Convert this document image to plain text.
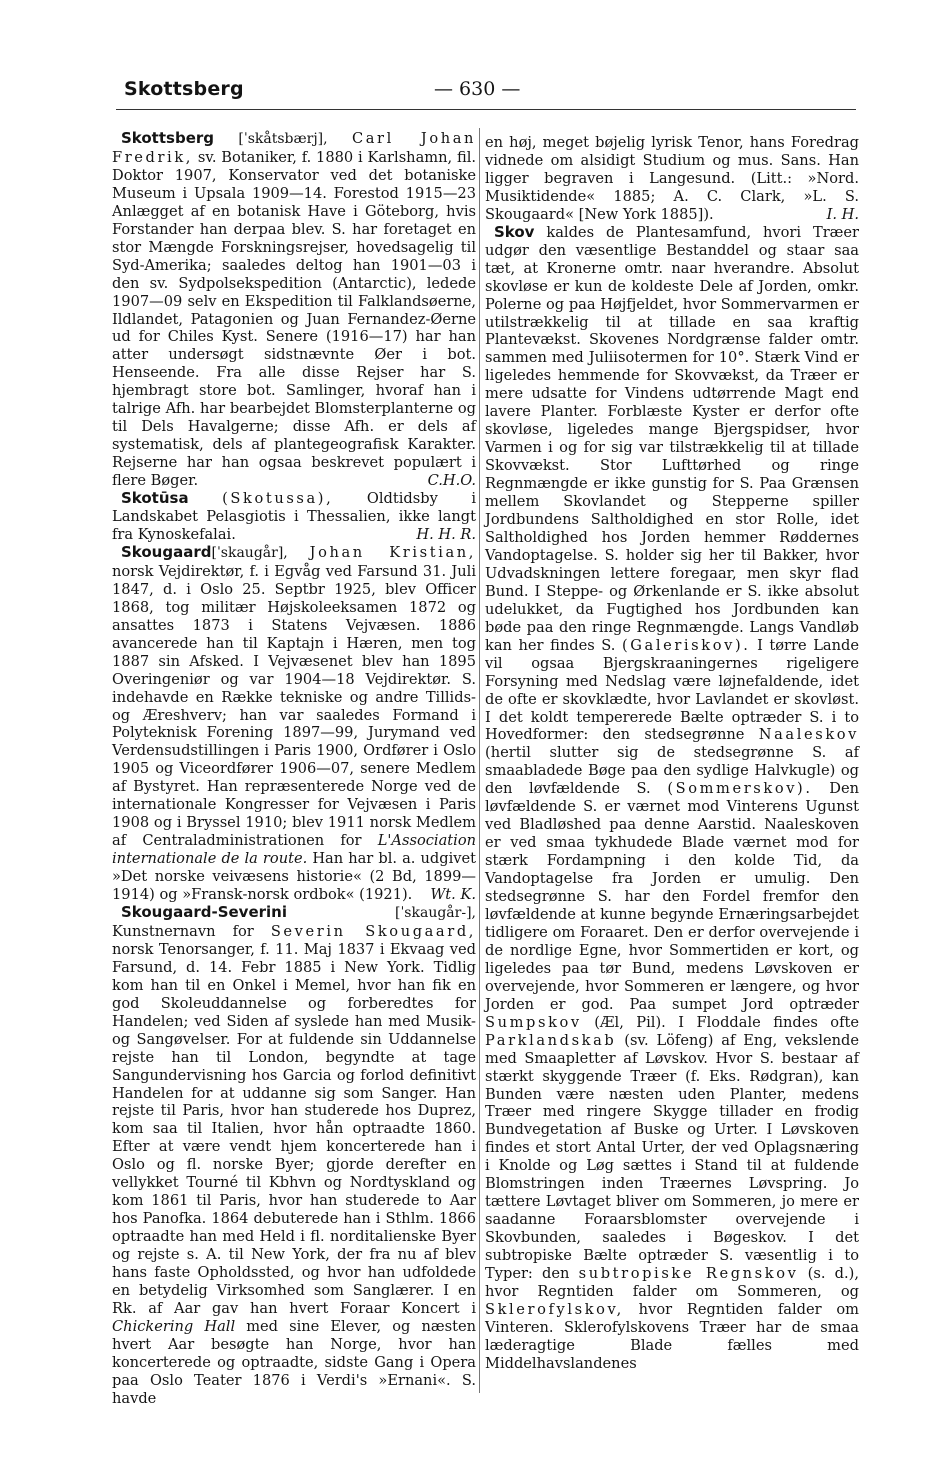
Skottsberg	— 630 —

Skottsberg [ˈskåtsbærj], Carl Johan Fredrik, sv. Botaniker, f. 1880 i Karlshamn, fil. Doktor 1907, Konservator ved det botaniske Museum i Upsala 1909—14. Forestod 1915—23 Anlægget af en botanisk Have i Göteborg, hvis Forstander han derpaa blev. S. har foretaget en stor Mængde Forskningsrejser, hovedsagelig til Syd-Amerika; saaledes deltog han 1901—03 i den sv. Sydpolsekspedition (Antarctic), ledede 1907—09 selv en Ekspedition til Falklandsøerne, Ildlandet, Patagonien og Juan Fernandez-Øerne ud for Chiles Kyst. Senere (1916—17) har han atter undersøgt sidstnævnte Øer i bot. Henseende. Fra alle disse Rejser har S. hjembragt store bot. Samlinger, hvoraf han i talrige Afh. har bearbejdet Blomsterplanterne og til Dels Havalgerne; disse Afh. er dels af systematisk, dels af plantegeografisk Karakter. Rejserne har han ogsaa beskrevet populært i flere Bøger.	C.H.O.

Skotūsa (Skotussa), Oldtidsby i Landskabet Pelasgiotis i Thessalien, ikke langt fra Kynoskefalai.	H. H. R.

Skougaard[ˈskaugår], Johan Kristian, norsk Vejdirektør, f. i Egvåg ved Farsund 31. Juli 1847, d. i Oslo 25. Septbr 1925, blev Officer 1868, tog militær Højskoleeksamen 1872 og ansattes 1873 i Statens Vejvæsen. 1886 avancerede han til Kaptajn i Hæren, men tog 1887 sin Afsked. I Vejvæsenet blev han 1895 Overingeniør og var 1904—18 Vejdirektør. S. indehavde en Række tekniske og andre Tillids- og Æreshverv; han var saaledes Formand i Polyteknisk Forening 1897—99, Jurymand ved Verdensudstillingen i Paris 1900, Ordfører i Oslo 1905 og Viceordfører 1906—07, senere Medlem af Bystyret. Han repræsenterede Norge ved de internationale Kongresser for Vejvæsen i Paris 1908 og i Bryssel 1910; blev 1911 norsk Medlem af Centraladministrationen for L'Association internationale de la route. Han har bl. a. udgivet »Det norske veivæsens historie« (2 Bd, 1899—1914) og »Fransk-norsk ordbok« (1921).	Wt. K.

Skougaard-Severini	[ˈskaugår-], Kunstnernavn for Severin Skougaard, norsk Tenorsanger, f. 11. Maj 1837 i Ekvaag ved Farsund, d. 14. Febr 1885 i New York. Tidlig kom han til en Onkel i Memel, hvor han fik en god Skoleuddannelse og forberedtes for Handelen; ved Siden af syslede han med Musik- og Sangøvelser. For at fuldende sin Uddannelse rejste han til London, begyndte at tage Sangundervisning hos Garcia og forlod definitivt Handelen for at uddanne sig som Sanger. Han rejste til Paris, hvor han studerede hos Duprez, kom saa til Italien, hvor hån optraadte 1860. Efter at være vendt hjem koncerterede han i Oslo og fl. norske Byer; gjorde derefter en vellykket Tourné til Kbhvn og Nordtyskland og kom 1861 til Paris, hvor han studerede to Aar hos Panofka. 1864 debuterede han i Sthlm. 1866 optraadte han med Held i fl. norditalienske Byer og rejste s. A. til New York, der fra nu af blev hans faste Opholdssted, og hvor han udfoldede en betydelig Virksomhed som Sanglærer. I en Rk. af Aar gav han hvert Foraar Koncert i Chickering Hall med sine Elever, og næsten hvert Aar besøgte han Norge, hvor han koncerterede og optraadte, sidste Gang i Opera paa Oslo Teater 1876 i Verdi's »Ernani«. S. havde

en høj, meget bøjelig lyrisk Tenor, hans Foredrag vidnede om alsidigt Studium og mus. Sans. Han ligger begraven i Langesund. (Litt.: »Nord. Musiktidende« 1885; A. C. Clark, »L. S. Skougaard« [New York 1885]).	I. H.

Skov kaldes de Plantesamfund, hvori Træer udgør den væsentlige Bestanddel og staar saa tæt, at Kronerne omtr. naar hverandre. Absolut skovløse er kun de koldeste Dele af Jorden, omkr. Polerne og paa Højfjeldet, hvor Sommervarmen er utilstrækkelig til at tillade en saa kraftig Plantevækst. Skovenes Nordgrænse falder omtr. sammen med Juliisotermen for 10°. Stærk Vind er ligeledes hemmende for Skovvækst, da Træer er mere udsatte for Vindens udtørrende Magt end lavere Planter. Forblæste Kyster er derfor ofte skovløse, ligeledes mange Bjergspidser, hvor Varmen i og for sig var tilstrækkelig til at tillade Skovvækst. Stor Lufttørhed og ringe Regnmængde er ikke gunstig for S. Paa Grænsen mellem Skovlandet og Stepperne spiller Jordbundens Saltholdighed en stor Rolle, idet Saltholdighed hos Jorden hemmer Røddernes Vandoptagelse. S. holder sig her til Bakker, hvor Udvadskningen lettere foregaar, men skyr flad Bund. I Steppe- og Ørkenlande er S. ikke absolut udelukket, da Fugtighed hos Jordbunden kan bøde paa den ringe Regnmængde. Langs Vandløb kan her findes S. (Galeriskov). I tørre Lande vil ogsaa Bjergskraaningernes rigeligere Forsyning med Nedslag være løjnefaldende, idet de ofte er skovklædte, hvor Lavlandet er skovløst. I det koldt tempererede Bælte optræder S. i to Hovedformer: den stedsegrønne Naaleskov (hertil slutter sig de stedsegrønne S. af smaabladede Bøge paa den sydlige Halvkugle) og den løvfældende S. (Sommerskov). Den løvfældende S. er værnet mod Vinterens Ugunst ved Bladløshed paa denne Aarstid. Naaleskoven er ved smaa tykhudede Blade værnet mod for stærk Fordampning i den kolde Tid, da Vandoptagelse fra Jorden er umulig. Den stedsegrønne S. har den Fordel fremfor den løvfældende at kunne begynde Ernæringsarbejdet tidligere om Foraaret. Den er derfor overvejende i de nordlige Egne, hvor Sommertiden er kort, og ligeledes paa tør Bund, medens Løvskoven er overvejende, hvor Sommeren er længere, og hvor Jorden er god. Paa sumpet Jord optræder Sumpskov (Æl, Pil). I Floddale findes ofte Parklandskab (sv. Löfeng) af Eng, vekslende med Smaapletter af Løvskov. Hvor S. bestaar af stærkt skyggende Træer (f. Eks. Rødgran), kan Bunden være næsten uden Planter, medens Træer med ringere Skygge tillader en frodig Bundvegetation af Buske og Urter. I Løvskoven findes et stort Antal Urter, der ved Oplagsnæring i Knolde og Løg sættes i Stand til at fuldende Blomstringen inden Træernes Løvspring. Jo tættere Løvtaget bliver om Sommeren, jo mere er saadanne Foraarsblomster overvejende i Skovbunden, saaledes i Bøgeskov. I det subtropiske Bælte optræder S. væsentlig i to Typer: den subtropiske Regnskov (s. d.), hvor Regntiden falder om Sommeren, og Sklerofylskov, hvor Regntiden falder om Vinteren. Sklerofylskovens Træer har de smaa læderagtige Blade fælles med Middelhavslandenes
